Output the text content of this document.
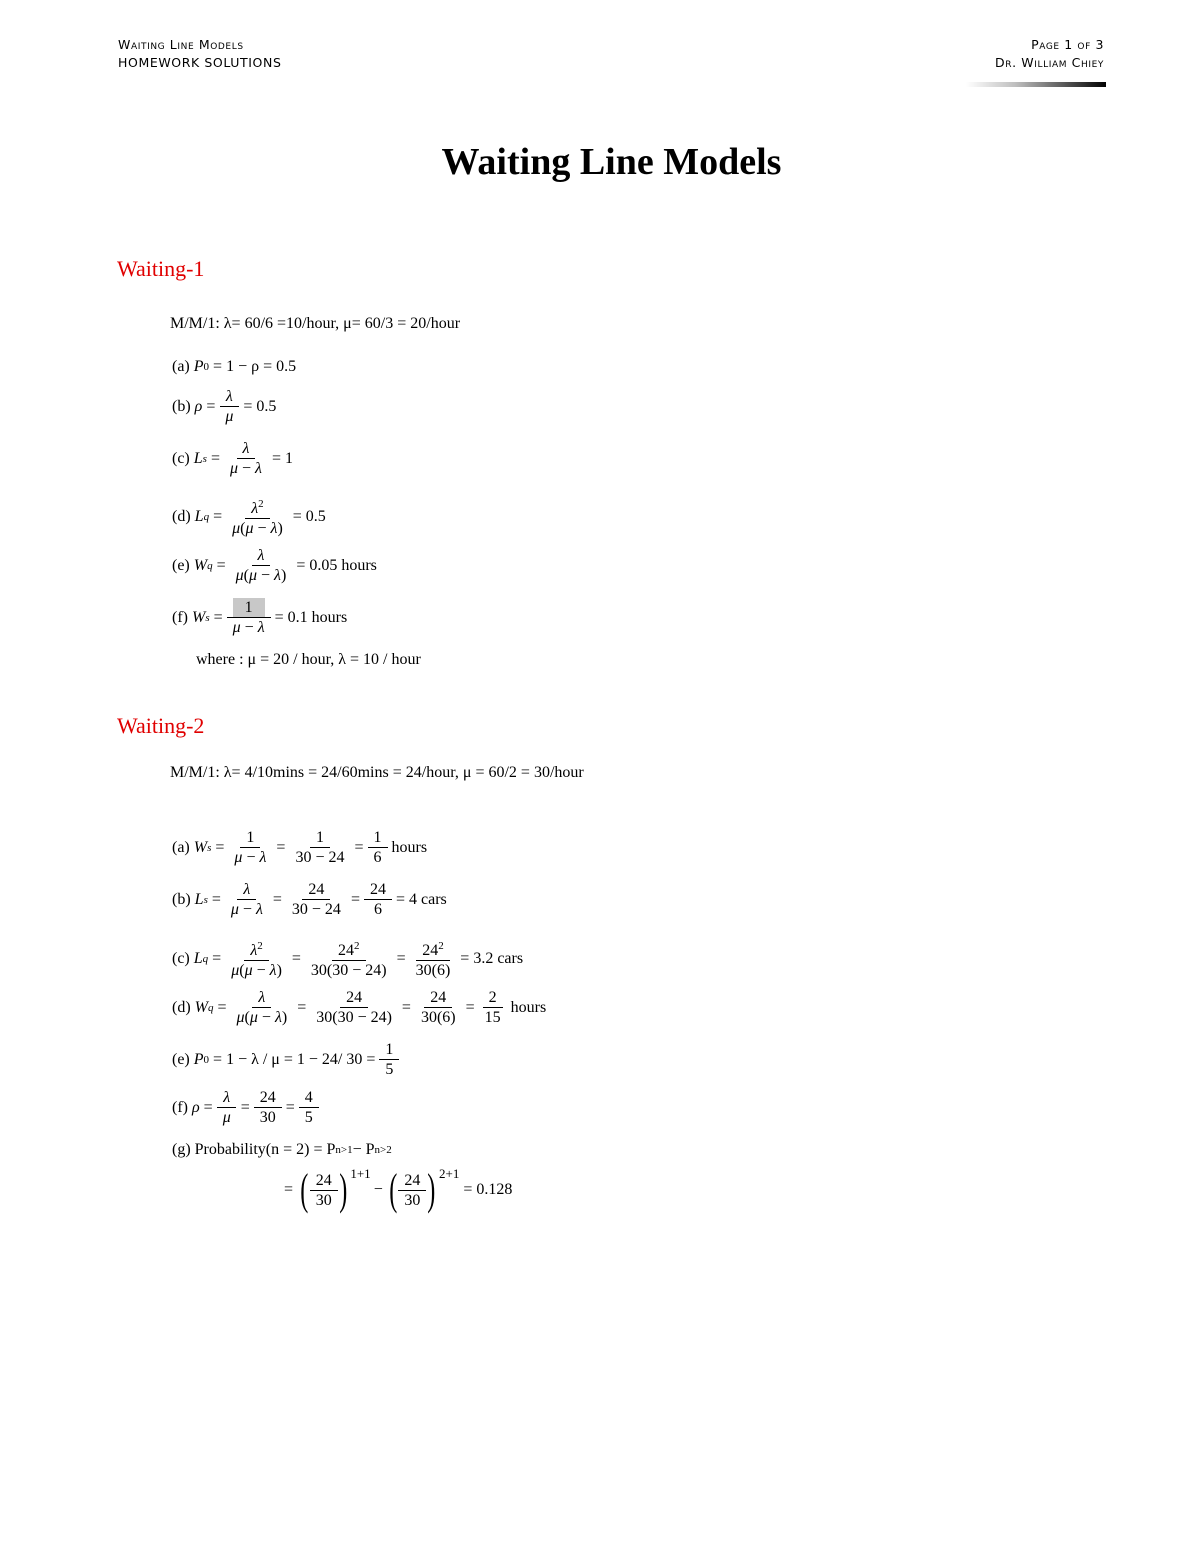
Waiting Line Models
HOMEWORK SOLUTIONS
Page 1 of 3
Dr. William Chiey
Waiting Line Models
Waiting-1
M/M/1: λ= 60/6 =10/hour, μ= 60/3 = 20/hour
(a)
P 0
= 1 − ρ = 0.5
(b)
$\rho = \frac{\lambda}{\mu} = 0.5$
(c)
L $s = \frac{\lambda}{\mu - \lambda} = 1$
(d)
L $q = \frac{\lambda^2}{\mu(\mu - \lambda)} = 0.5$
(e)
W $q = \frac{\lambda}{\mu(\mu - \lambda)} = 0.05$ hours
(f)
W $s = \frac{1}{\mu - \lambda} = 0.1$ hours
where : μ = 20 / hour, λ = 10 / hour
Waiting-2
M/M/1: λ= 4/10mins = 24/60mins = 24/hour, μ = 60/2 = 30/hour
(a)
W s =
1
μ − λ
=
1
30 − 24
=
1
6
hours
(b)
L s =
λ
μ − λ
=
24
30 − 24
= $\frac{24}{6} = 4$ cars
(c)
L q =	$\lambda^2$
μ(μ − λ)
=	$24^2$
30(30 − 24)
= $\frac{24^2}{30(6)} = 3.2$ cars
(d)
W q =
λ
μ(μ − λ)
=
24
30(30 − 24)
=
24
30(6)
=
2
15
hours
(e)
P 0
= 1 − λ / μ = 1 − 24/ $30 = \frac{1}{5}$
(f)
ρ =
λ
μ
=
24
30
=
4
5
(g) Probability(n = 2) = P n>1 − P n>2
= ( 24
30 ) 1+1
− ( 24
30 ) 2+1

= 0.128
